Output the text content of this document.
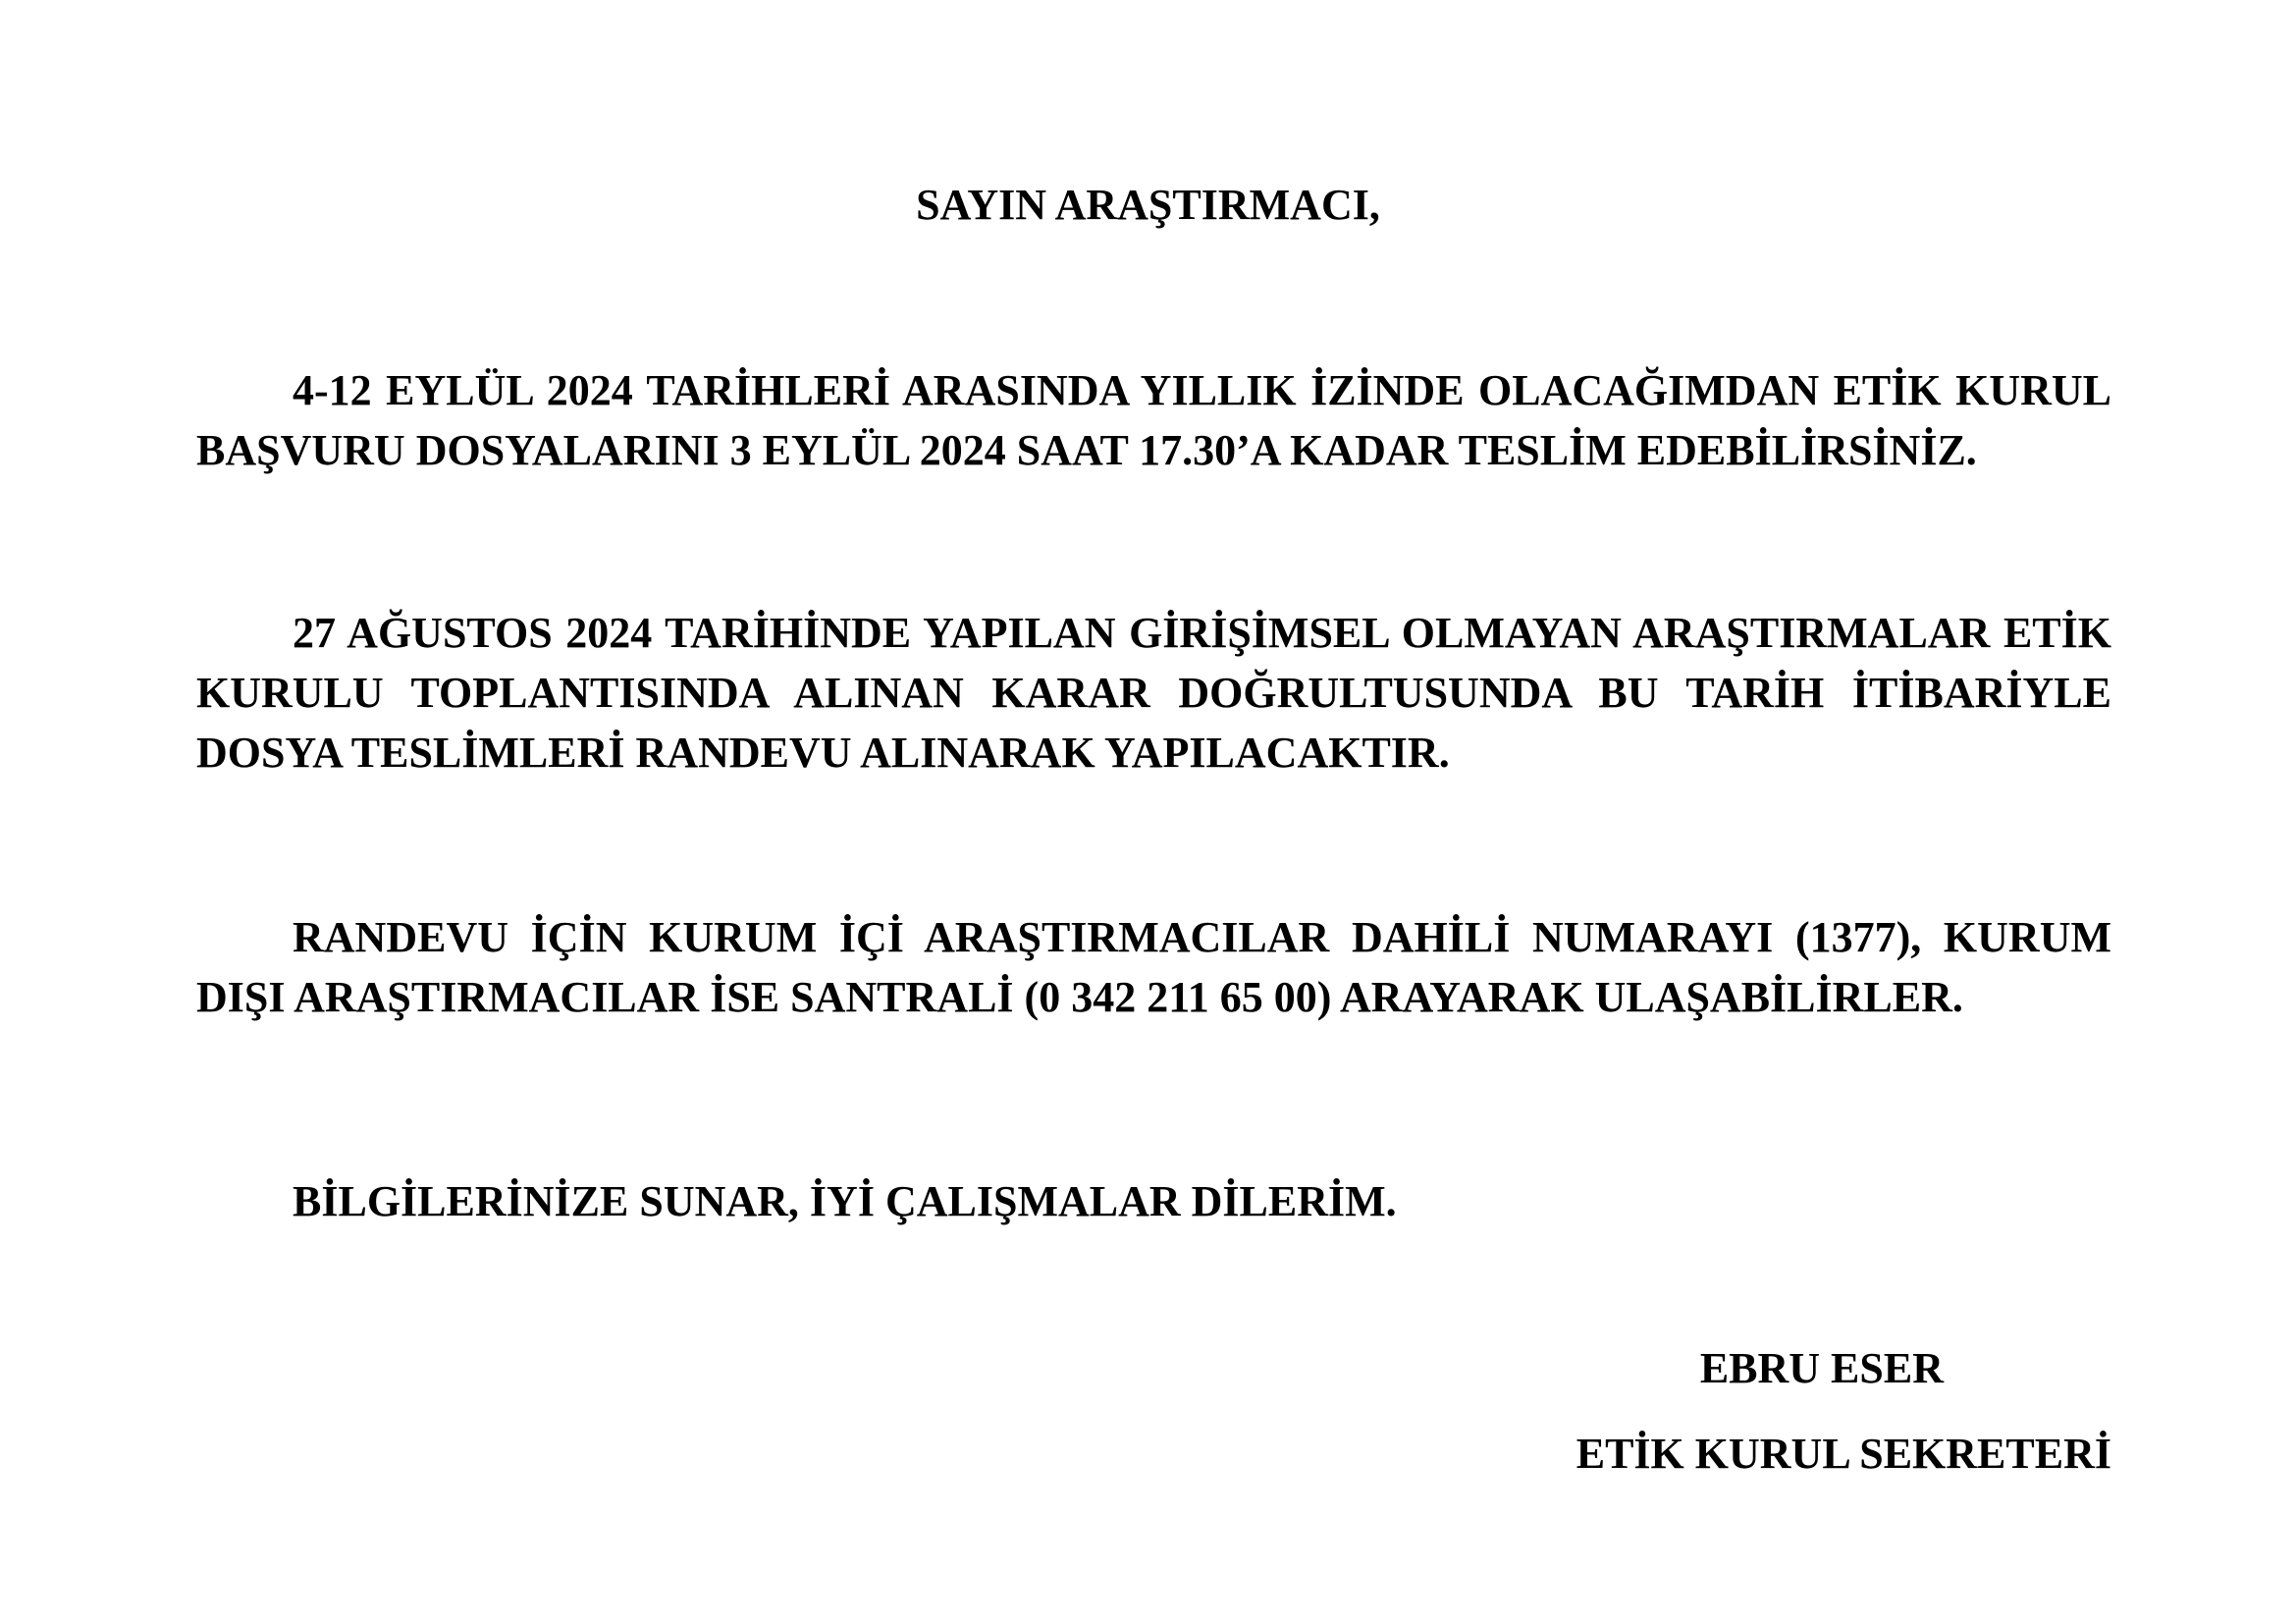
SAYIN ARAŞTIRMACI,

4-12 EYLÜL 2024 TARİHLERİ ARASINDA YILLIK İZİNDE OLACAĞIMDAN ETİK KURUL BAŞVURU DOSYALARINI 3 EYLÜL 2024 SAAT 17.30’A KADAR TESLİM EDEBİLİRSİNİZ.

27 AĞUSTOS 2024 TARİHİNDE YAPILAN GİRİŞİMSEL OLMAYAN ARAŞTIRMALAR ETİK KURULU TOPLANTISINDA ALINAN KARAR DOĞRULTUSUNDA BU TARİH İTİBARİYLE DOSYA TESLİMLERİ RANDEVU ALINARAK YAPILACAKTIR.

RANDEVU İÇİN KURUM İÇİ ARAŞTIRMACILAR DAHİLİ NUMARAYI (1377), KURUM DIŞI ARAŞTIRMACILAR İSE SANTRALİ (0 342 211 65 00) ARAYARAK ULAŞABİLİRLER.

BİLGİLERİNİZE SUNAR, İYİ ÇALIŞMALAR DİLERİM.

EBRU ESER

ETİK KURUL SEKRETERİ
